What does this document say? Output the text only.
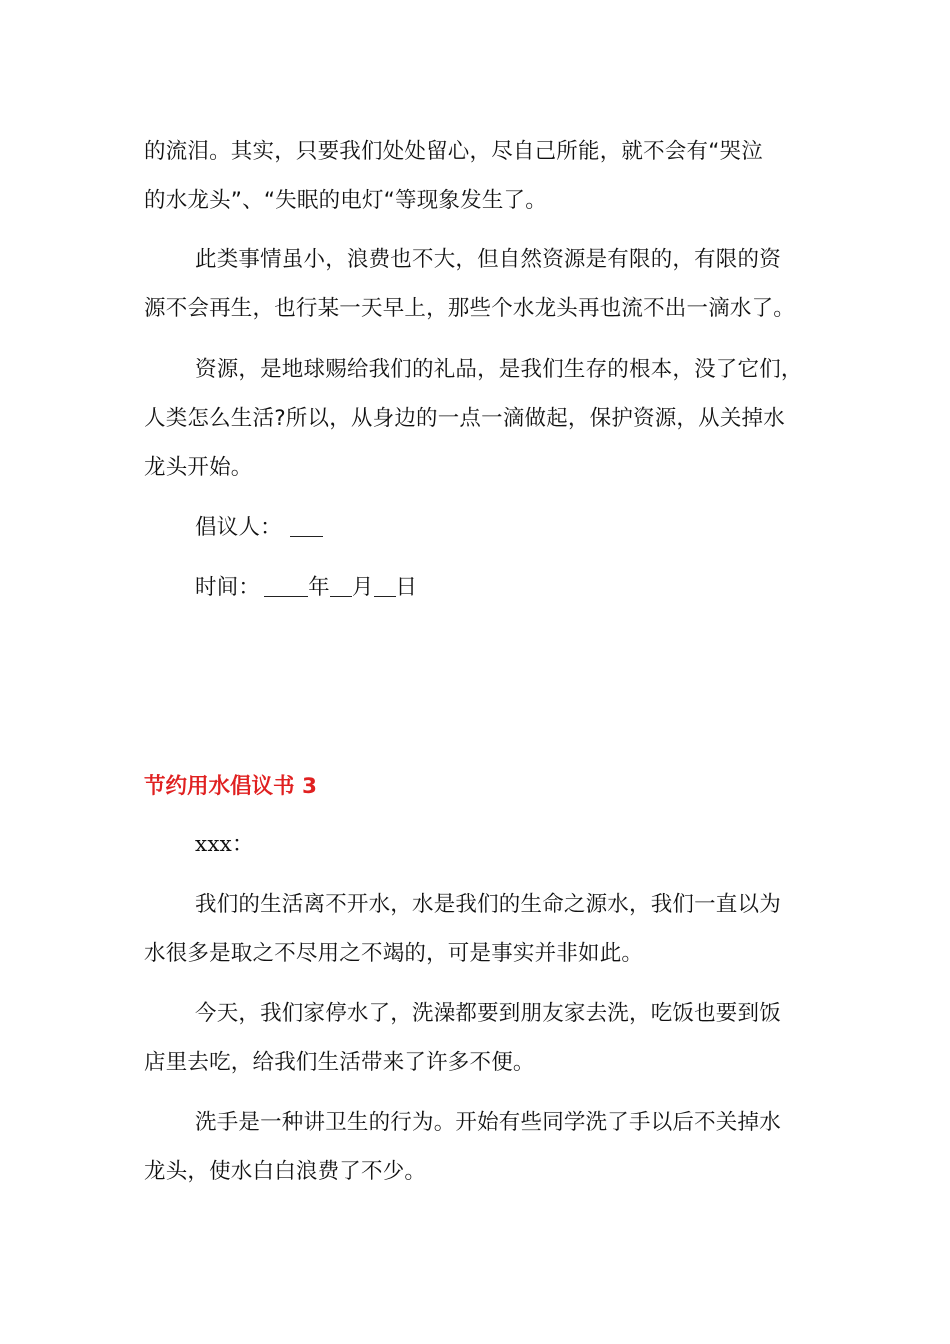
的流泪。其实，只要我们处处留心，尽自己所能，就不会有“哭泣
的水龙头”、“失眠的电灯“等现象发生了。

此类事情虽小，浪费也不大，但自然资源是有限的，有限的资
源不会再生，也行某一天早上，那些个水龙头再也流不出一滴水了。

资源，是地球赐给我们的礼品，是我们生存的根本，没了它们，
人类怎么生活?所以，从身边的一点一滴做起，保护资源，从关掉水
龙头开始。

倡议人：

时间： 年 月 日

节约用水倡议书 3

xxx：

我们的生活离不开水，水是我们的生命之源水，我们一直以为
水很多是取之不尽用之不竭的，可是事实并非如此。

今天，我们家停水了，洗澡都要到朋友家去洗，吃饭也要到饭
店里去吃，给我们生活带来了许多不便。

洗手是一种讲卫生的行为。开始有些同学洗了手以后不关掉水
龙头，使水白白浪费了不少。
